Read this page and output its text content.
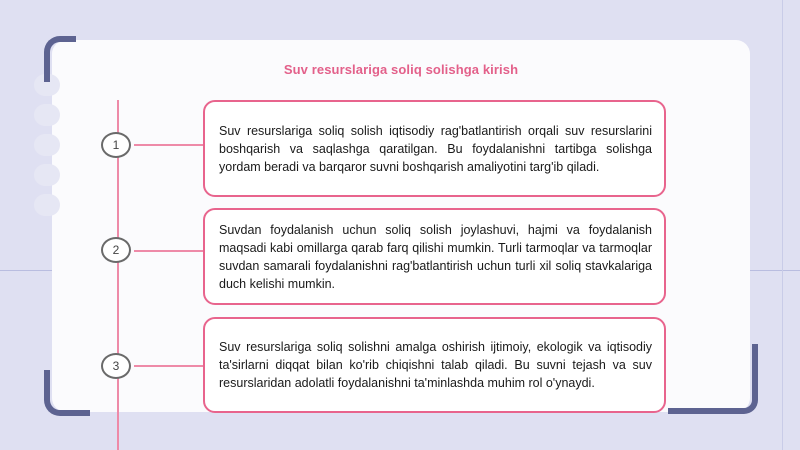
Suv resurslariga soliq solishga kirish
1
2
3

Suv resurslariga soliq solish iqtisodiy rag'batlantirish orqali suv resurslarini boshqarish va saqlashga qaratilgan. Bu foydalanishni tartibga solishga yordam beradi va barqaror suvni boshqarish amaliyotini targ'ib qiladi.

Suvdan foydalanish uchun soliq solish joylashuvi, hajmi va foydalanish maqsadi kabi omillarga qarab farq qilishi mumkin. Turli tarmoqlar va tarmoqlar suvdan samarali foydalanishni rag'batlantirish uchun turli xil soliq stavkalariga duch kelishi mumkin.

Suv resurslariga soliq solishni amalga oshirish ijtimoiy, ekologik va iqtisodiy ta'sirlarni diqqat bilan ko'rib chiqishni talab qiladi. Bu suvni tejash va suv resurslaridan adolatli foydalanishni ta'minlashda muhim rol o'ynaydi.
